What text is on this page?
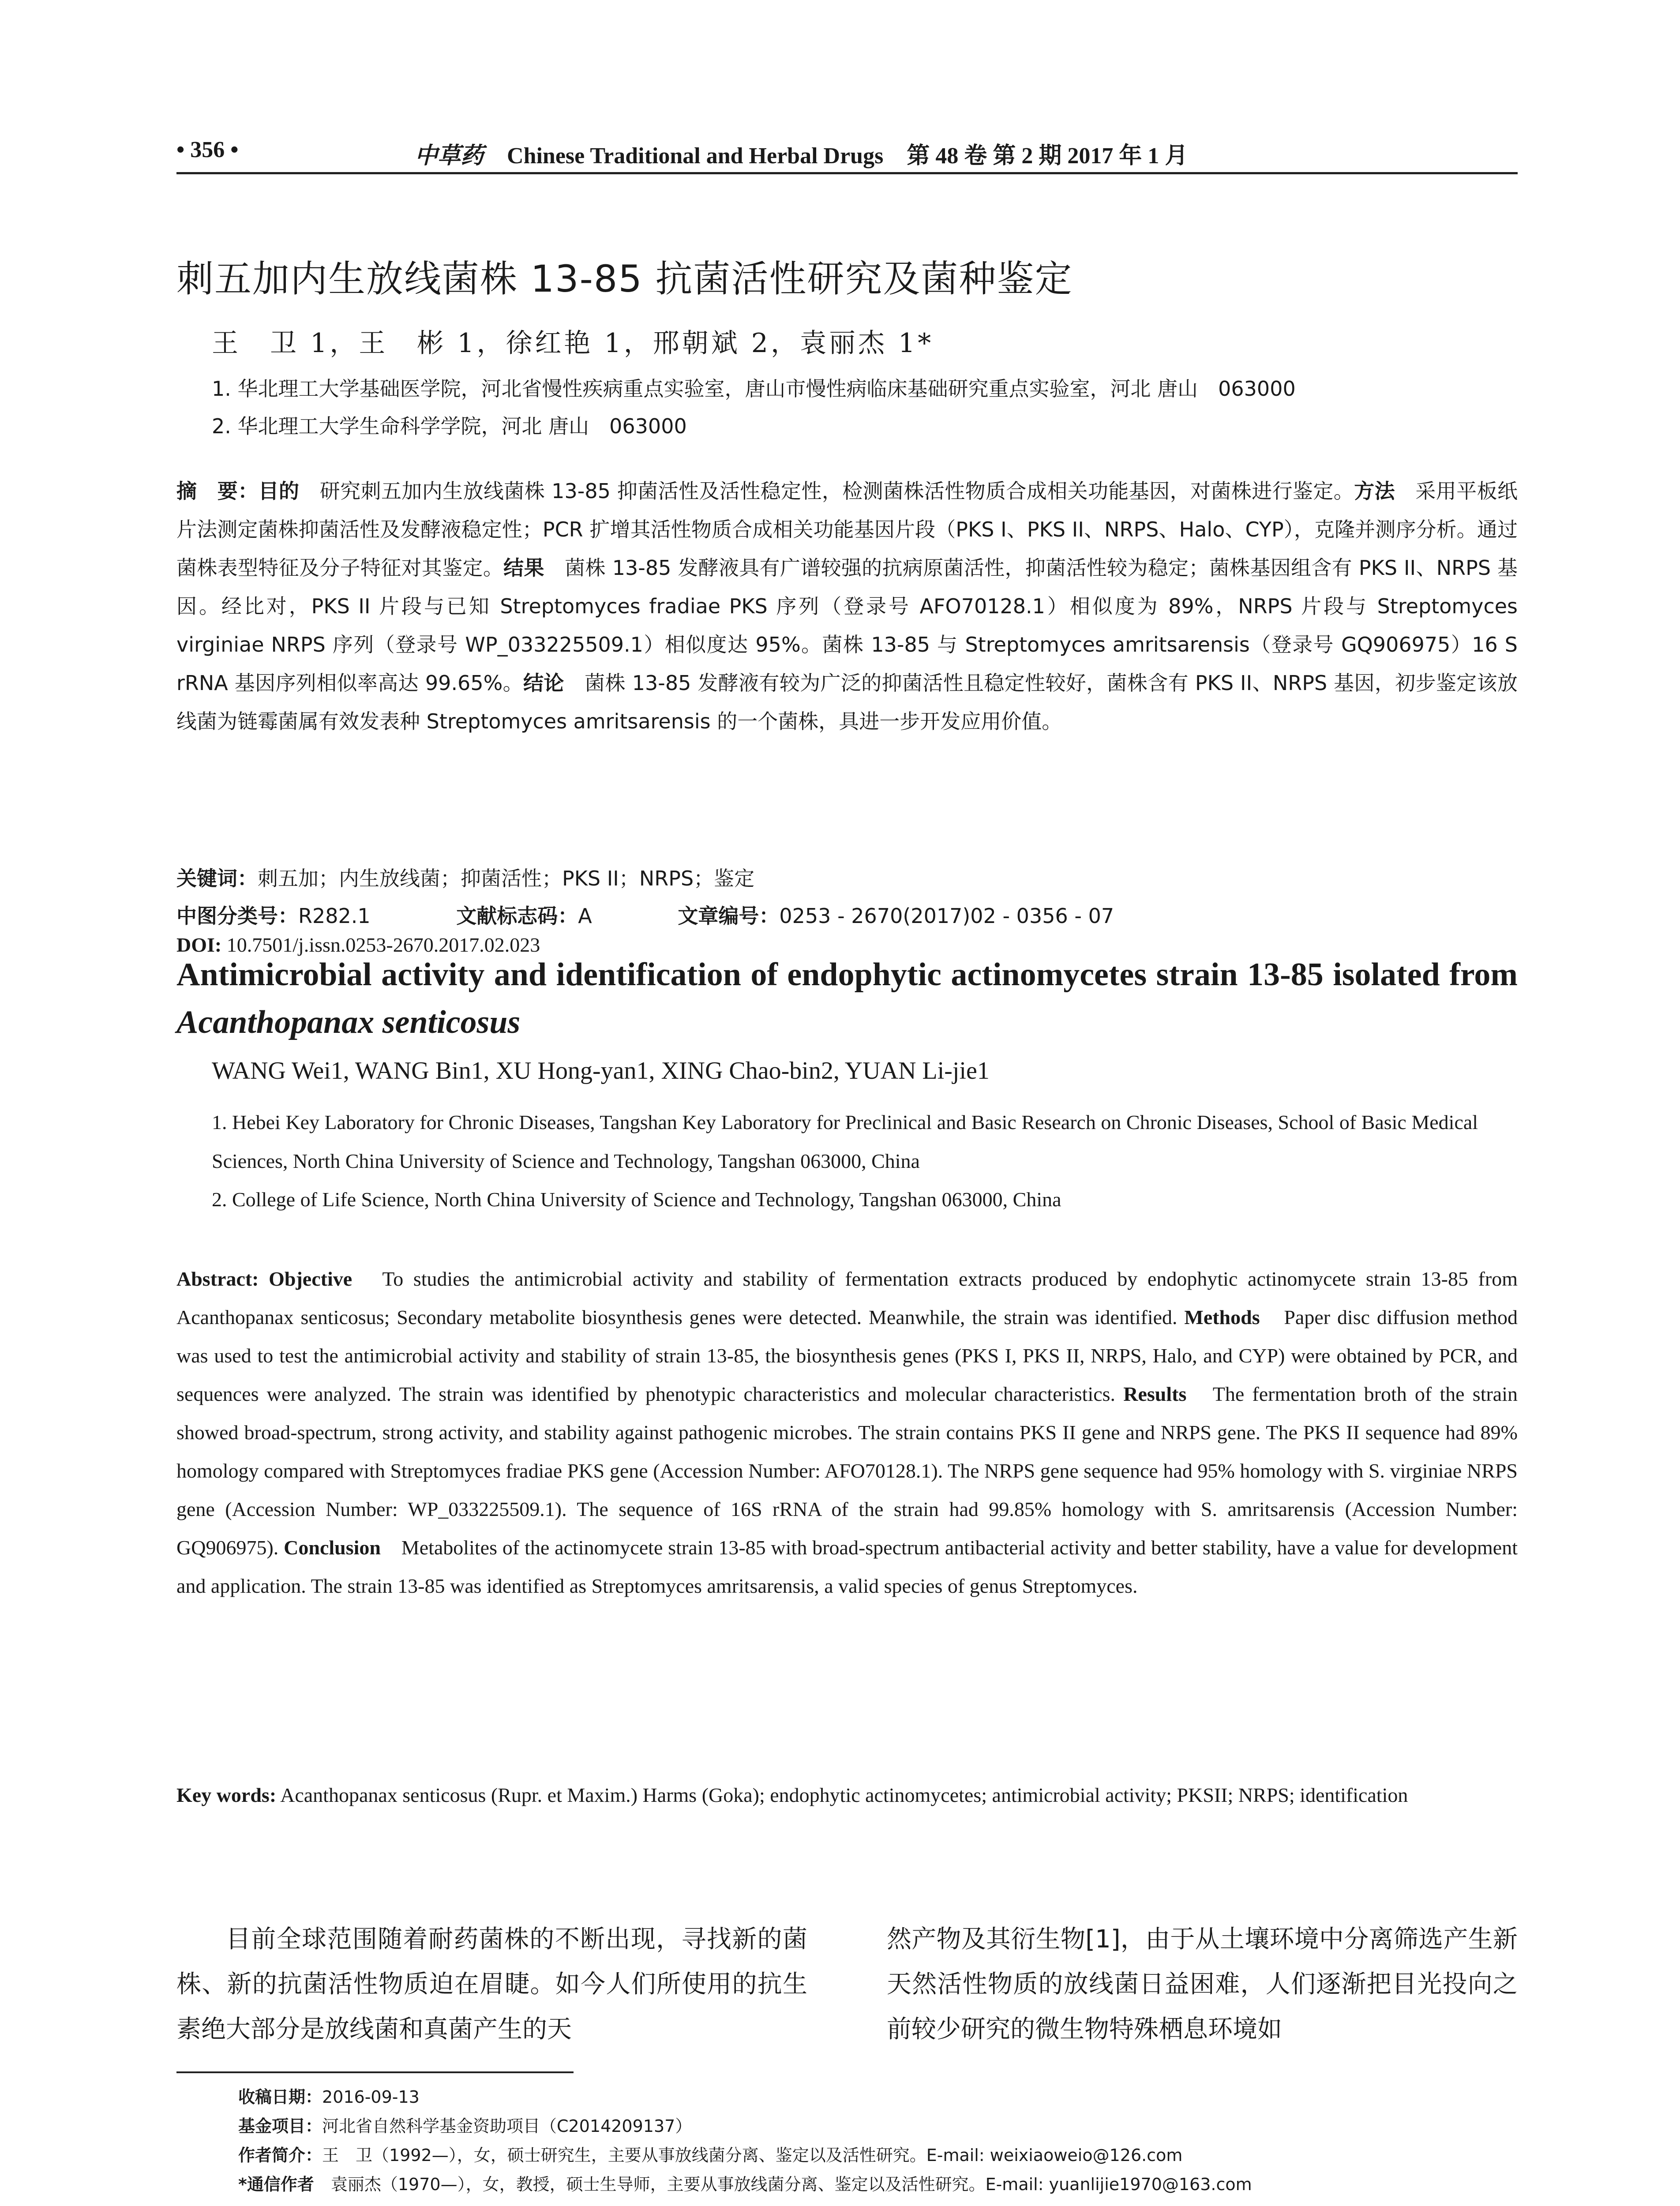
• 356 •	中草药 Chinese Traditional and Herbal Drugs 第 48 卷 第 2 期 2017 年 1 月
刺五加内生放线菌株 13-85 抗菌活性研究及菌种鉴定
王　卫 1，王　彬 1，徐红艳 1，邢朝斌 2，袁丽杰 1*
1. 华北理工大学基础医学院，河北省慢性疾病重点实验室，唐山市慢性病临床基础研究重点实验室，河北 唐山　063000
2. 华北理工大学生命科学学院，河北 唐山　063000
摘　要：目的　研究刺五加内生放线菌株 13-85 抑菌活性及活性稳定性，检测菌株活性物质合成相关功能基因，对菌株进行鉴定。方法　采用平板纸片法测定菌株抑菌活性及发酵液稳定性；PCR 扩增其活性物质合成相关功能基因片段（PKS I、PKS II、NRPS、Halo、CYP），克隆并测序分析。通过菌株表型特征及分子特征对其鉴定。结果　菌株 13-85 发酵液具有广谱较强的抗病原菌活性，抑菌活性较为稳定；菌株基因组含有 PKS II、NRPS 基因。经比对，PKS II 片段与已知 Streptomyces fradiae PKS 序列（登录号 AFO70128.1）相似度为 89%，NRPS 片段与 Streptomyces virginiae NRPS 序列（登录号 WP_033225509.1）相似度达 95%。菌株 13-85 与 Streptomyces amritsarensis（登录号 GQ906975）16 S rRNA 基因序列相似率高达 99.65%。结论　菌株 13-85 发酵液有较为广泛的抑菌活性且稳定性较好，菌株含有 PKS II、NRPS 基因，初步鉴定该放线菌为链霉菌属有效发表种 Streptomyces amritsarensis 的一个菌株，具进一步开发应用价值。
关键词：刺五加；内生放线菌；抑菌活性；PKS II；NRPS；鉴定
中图分类号：R282.1	文献标志码：A	文章编号：0253 - 2670(2017)02 - 0356 - 07
DOI: 10.7501/j.issn.0253-2670.2017.02.023
Antimicrobial activity and identification of endophytic actinomycetes strain 13-85 isolated from Acanthopanax senticosus
WANG Wei1, WANG Bin1, XU Hong-yan1, XING Chao-bin2, YUAN Li-jie1
1. Hebei Key Laboratory for Chronic Diseases, Tangshan Key Laboratory for Preclinical and Basic Research on Chronic Diseases, School of Basic Medical Sciences, North China University of Science and Technology, Tangshan 063000, China
2. College of Life Science, North China University of Science and Technology, Tangshan 063000, China
Abstract: Objective　To studies the antimicrobial activity and stability of fermentation extracts produced by endophytic actinomycete strain 13-85 from Acanthopanax senticosus; Secondary metabolite biosynthesis genes were detected. Meanwhile, the strain was identified. Methods　Paper disc diffusion method was used to test the antimicrobial activity and stability of strain 13-85, the biosynthesis genes (PKS I, PKS II, NRPS, Halo, and CYP) were obtained by PCR, and sequences were analyzed. The strain was identified by phenotypic characteristics and molecular characteristics. Results　The fermentation broth of the strain showed broad-spectrum, strong activity, and stability against pathogenic microbes. The strain contains PKS II gene and NRPS gene. The PKS II sequence had 89% homology compared with Streptomyces fradiae PKS gene (Accession Number: AFO70128.1). The NRPS gene sequence had 95% homology with S. virginiae NRPS gene (Accession Number: WP_033225509.1). The sequence of 16S rRNA of the strain had 99.85% homology with S. amritsarensis (Accession Number: GQ906975). Conclusion　Metabolites of the actinomycete strain 13-85 with broad-spectrum antibacterial activity and better stability, have a value for development and application. The strain 13-85 was identified as Streptomyces amritsarensis, a valid species of genus Streptomyces.
Key words: Acanthopanax senticosus (Rupr. et Maxim.) Harms (Goka); endophytic actinomycetes; antimicrobial activity; PKSII; NRPS; identification
目前全球范围随着耐药菌株的不断出现，寻找新的菌株、新的抗菌活性物质迫在眉睫。如今人们所使用的抗生素绝大部分是放线菌和真菌产生的天
然产物及其衍生物[1]，由于从土壤环境中分离筛选产生新天然活性物质的放线菌日益困难，人们逐渐把目光投向之前较少研究的微生物特殊栖息环境如
收稿日期：2016-09-13
基金项目：河北省自然科学基金资助项目（C2014209137）
作者简介：王　卫（1992—），女，硕士研究生，主要从事放线菌分离、鉴定以及活性研究。E-mail: weixiaoweio@126.com
*通信作者　袁丽杰（1970—），女，教授，硕士生导师，主要从事放线菌分离、鉴定以及活性研究。E-mail: yuanlijie1970@163.com
